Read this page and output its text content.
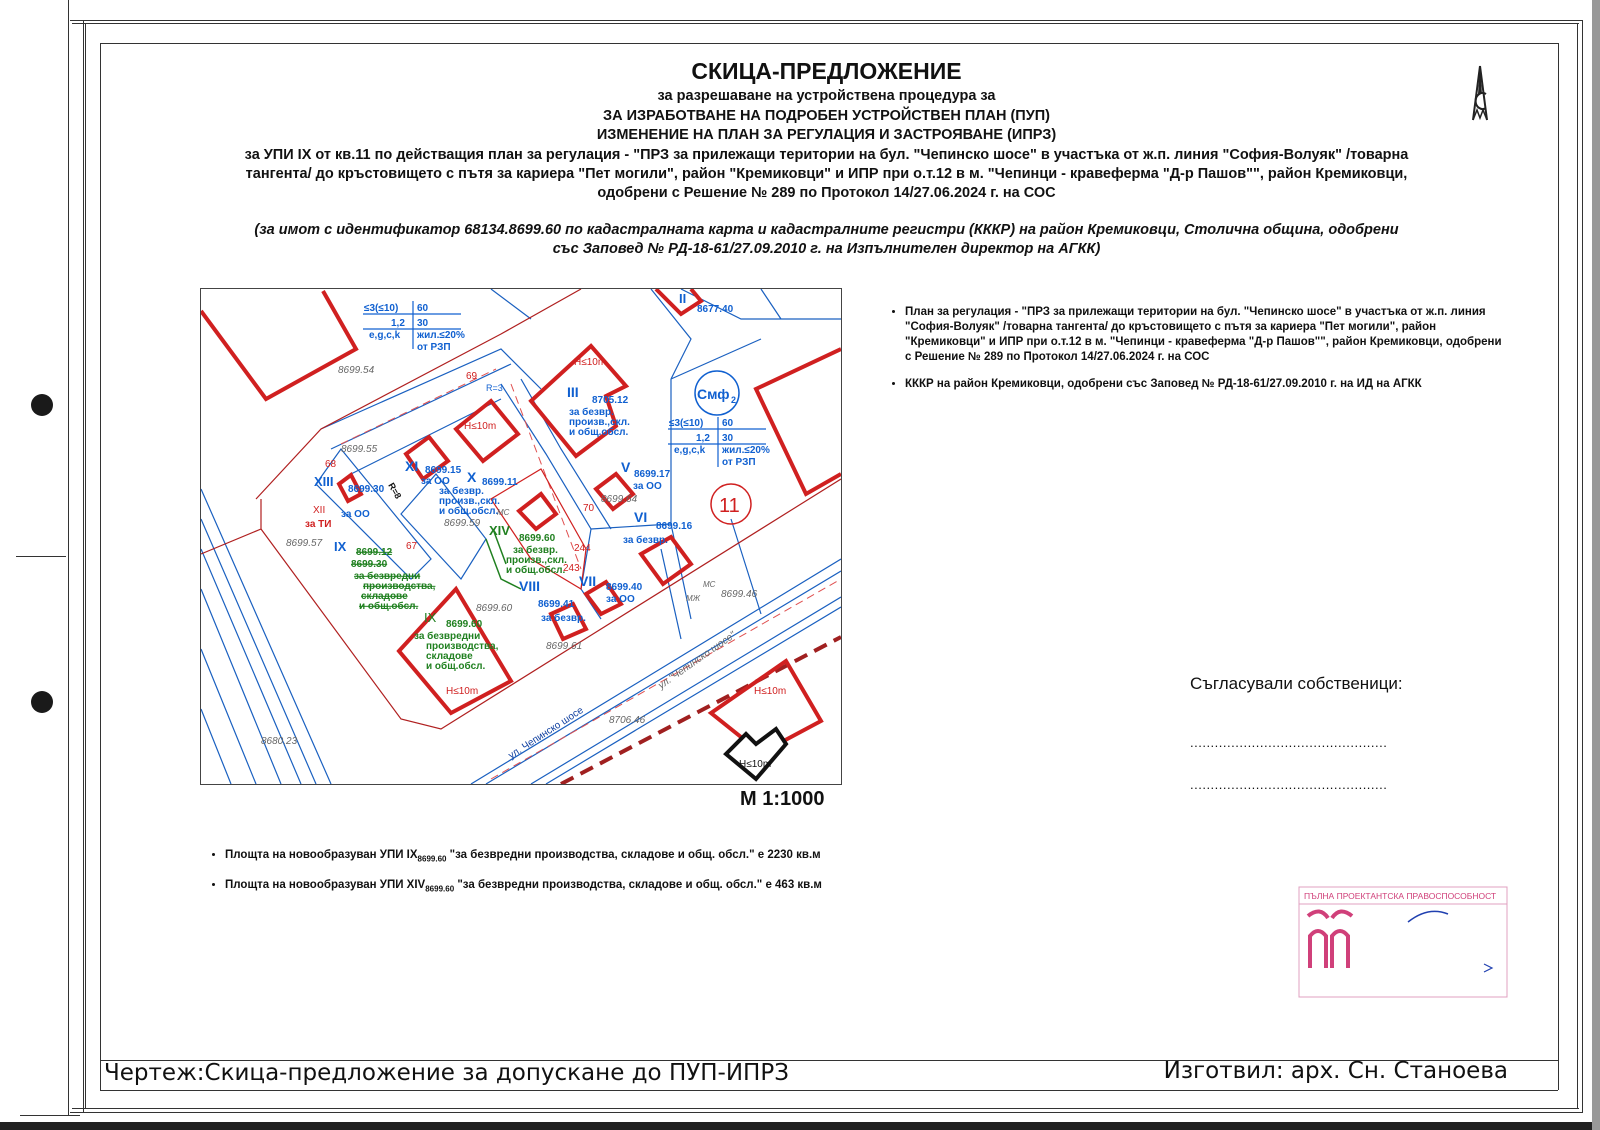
СКИЦА-ПРЕДЛОЖЕНИЕ
за разрешаване на устройствена процедура за
ЗА ИЗРАБОТВАНЕ НА ПОДРОБЕН УСТРОЙСТВЕН ПЛАН (ПУП)
ИЗМЕНЕНИЕ НА ПЛАН ЗА РЕГУЛАЦИЯ И ЗАСТРОЯВАНЕ (ИПРЗ)
за УПИ IX от кв.11 по действащия план за регулация - "ПРЗ за прилежащи територии на бул. "Чепинско шосе" в участъка от ж.п. линия "София-Волуяк" /товарна
тангента/ до кръстовището с пътя за кариера "Пет могили", район "Кремиковци" и ИПР при о.т.12 в м. "Чепинци - кравеферма "Д-р Пашов"", район Кремиковци,
одобрени с Решение № 289 по Протокол 14/27.06.2024 г. на СОС
(за имот с идентификатор 68134.8699.60 по кадастралната карта и кадастралните регистри (КККР) на район Кремиковци, Столична община, одобрени
със Заповед № РД-18-61/27.09.2010 г. на Изпълнителен директор на АГКК)
• План за регулация - "ПРЗ за прилежащи територии на бул. "Чепинско шосе" в участъка от ж.п. линия "София-Волуяк" /товарна тангента/ до кръстовището с пътя за кариера "Пет могили", район "Кремиковци" и ИПР при о.т.12 в м. "Чепинци - кравеферма "Д-р Пашов"", район Кремиковци, одобрени с Решение № 289 по Протокол 14/27.06.2024 г. на СОС
• КККР на район Кремиковци, одобрени със Заповед № РД-18-61/27.09.2010 г. на ИД на АГКК
≤3(≤10) 60
1,2 30
e,g,c,k жил.≤20%
от РЗП
≤3(≤10) 60
1,2 30
e,g,c,k жил.≤20%
от РЗП
Смф 2
11
8699.54
8699.55
8699.57
8699.60
8680.23
8699.46
8706.46
8699.59
8699.64
8699.61
H≤10m
H≤10m
H≤10m	H≤10m
H≤10m
II
8677.40
III
8705.12
за безвр.
произв.,скл.
и общ.обсл.
V 8699.17
за ОО
VI
8699.16
за безвр.
VII 8699.40
за ОО
VIII
8699.41
за безвр.
X 8699.11
за безвр.
произв.,скл.
и общ.обсл.
XI 8699.15
за ОО
XII
за ТИ
XIII
8699.30
за ОО
XIV
8699.60
за безвр.
произв.,скл.
и общ.обсл.
IX 8699.12
8699.30
за безвредни
производства,
складове
и общ.обсл.
IX 8699.60
за безвредни
производства,
складове
и общ.обсл.	ул."Чепинско шосе"
ул. Чепинско шосе
МС
МЖ
МС
69
68
67
70
244
243
R=3
R=8
М 1:1000
• Площта на новообразуван УПИ $IX_{8699.60}$ "за безвредни производства, складове и общ. обсл." е 2230 кв.м
• Площта на новообразуван УПИ $XIV_{8699.60}$ "за безвредни производства, складове и общ. обсл." е 463 кв.м
Съгласували собственици:
................................................
................................................
ПЪЛНА ПРОЕКТАНТСКА ПРАВОСПОСОБНОСТ
Чертеж:Скица-предложение за допускане до ПУП-ИПРЗ	Изготвил: арх. Сн. Станоева
